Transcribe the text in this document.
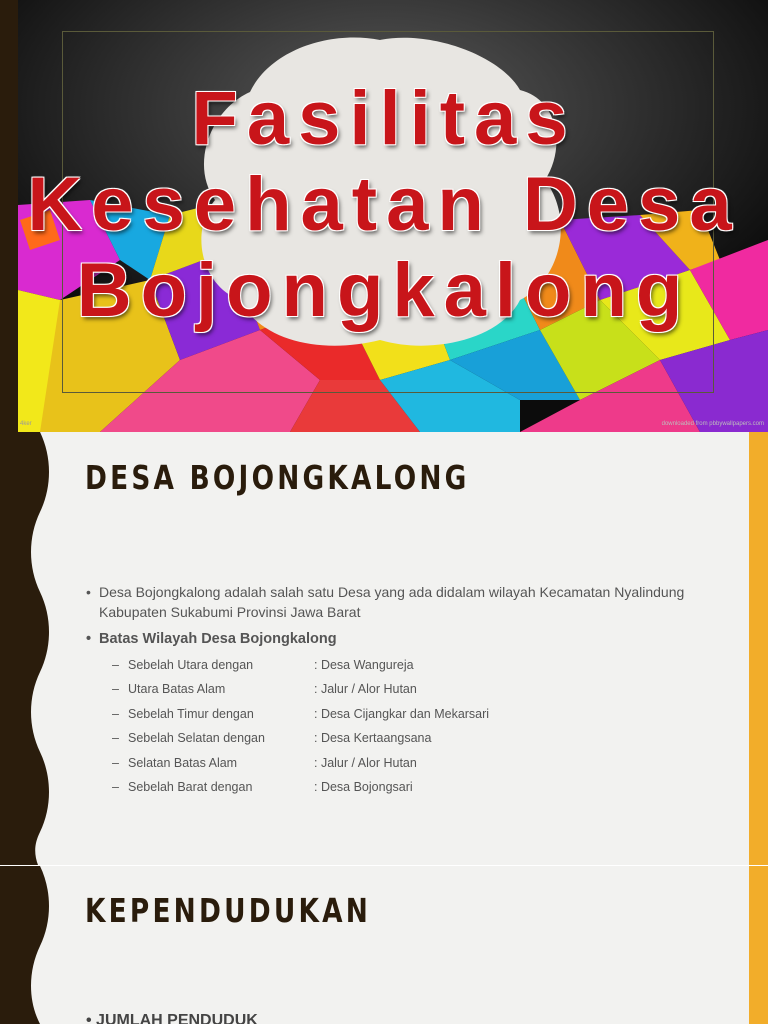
Fasilitas
Kesehatan Desa
Bojongkalong
4ker	downloaded from pbbywallpapers.com
DESA BOJONGKALONG
• Desa Bojongkalong adalah salah satu Desa yang ada didalam wilayah Kecamatan Nyalindung Kabupaten Sukabumi Provinsi Jawa Barat
• Batas Wilayah Desa Bojongkalong
– Sebelah Utara dengan	: Desa Wangureja
– Utara Batas Alam	: Jalur / Alor Hutan
– Sebelah Timur dengan	: Desa Cijangkar dan Mekarsari
– Sebelah Selatan dengan	: Desa Kertaangsana
– Selatan Batas Alam	: Jalur / Alor Hutan
– Sebelah Barat dengan	: Desa Bojongsari
KEPENDUDUKAN
• JUMLAH PENDUDUK
